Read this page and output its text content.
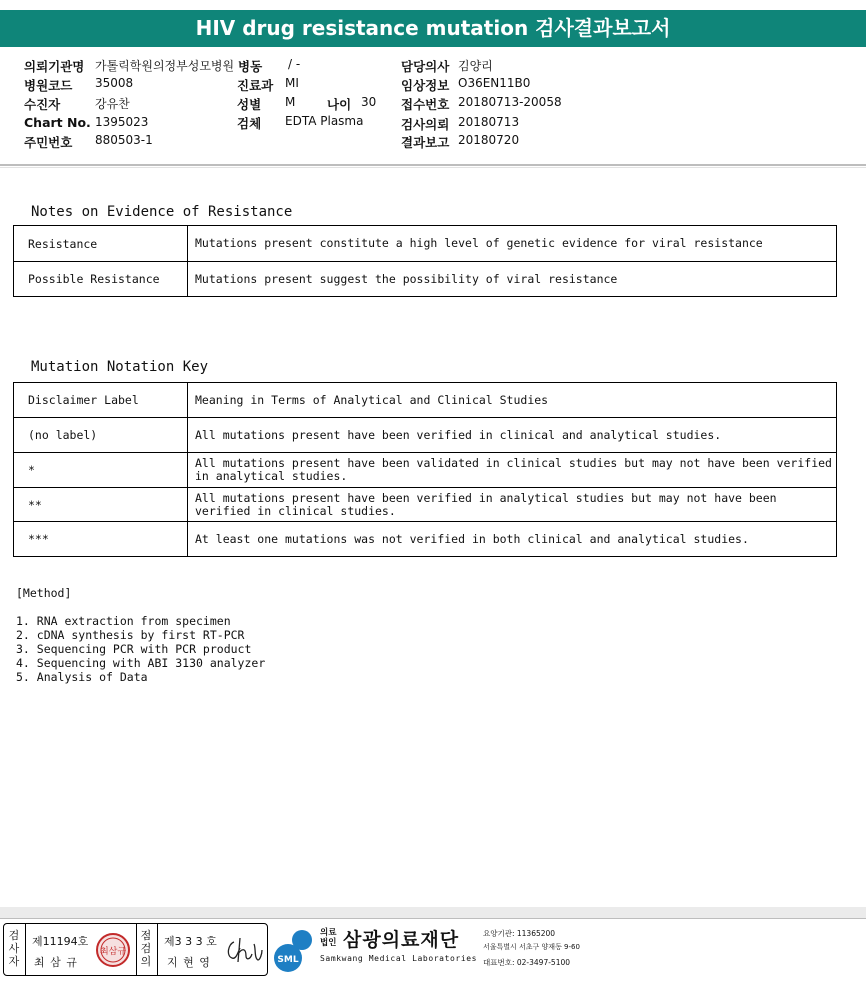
HIV drug resistance mutation 검사결과보고서
의뢰기관명 가톨릭학원의정부성모병원 병동 / -	담당의사 김양리
병원코드 35008	진료과 MI	임상정보 O36EN11B0
수진자	강유찬	성별 M	나이 30 접수번호 20180713-20058
Chart No. 1395023	검체 EDTA Plasma	검사의뢰 20180713
주민번호 880503-1	결과보고 20180720
Notes on Evidence of Resistance
Resistance	Mutations present constitute a high level of genetic evidence for viral resistance
Possible Resistance	Mutations present suggest the possibility of viral resistance
Mutation Notation Key
Disclaimer Label	Meaning in Terms of Analytical and Clinical Studies
(no label)	All mutations present have been verified in clinical and analytical studies.
*	All mutations present have been validated in clinical studies but may not have been verified in analytical studies.
**	All mutations present have been verified in analytical studies but may not have been verified in clinical studies.
***	At least one mutations was not verified in both clinical and analytical studies.
[Method]
1. RNA extraction from specimen
2. cDNA synthesis by first RT-PCR
3. Sequencing PCR with PCR product
4. Sequencing with ABI 3130 analyzer
5. Analysis of Data
검사자
제11194호
최 삼 규
최삼규
점검의
제3 3 3 호
지 현 영	SML
의료
법인 삼광의료재단
Samkwang Medical Laboratories
요양기관: 11365200
서울특별시 서초구 양재동 9-60
대표번호: 02-3497-5100
